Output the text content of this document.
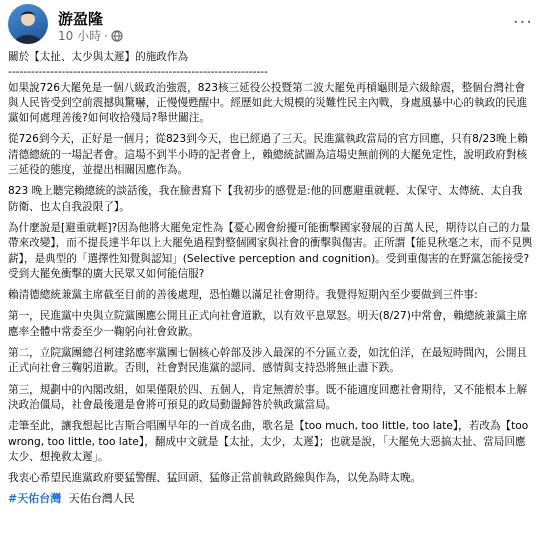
游盈隆
10 小時 ·
···

關於【太扯、太少與太遲】的施政作為

--------------------------------------------------------------------

如果說726大罷免是一個八級政治強震，823核三延役公投暨第二波大罷免再槓龜則是六級餘震，整個台灣社會與人民皆受到空前震撼與驚嚇，正慢慢甦醒中。經歷如此大規模的災難性民主內戰，身處風暴中心的執政的民進黨如何處理善後?如何收拾殘局?舉世關注。

從726到今天，正好是一個月；從823到今天，也已經過了三天。民進黨執政當局的官方回應，只有8/23晚上賴清德總統的一場記者會。這場不到半小時的記者會上，賴總統試圖為這場史無前例的大罷免定性，說明政府對核三延役的態度，並提出相關因應作為。

823 晚上聽完賴總統的談話後，我在臉書寫下【我初步的感覺是:他的回應避重就輕、太保守、太傳統、太自我防衛、也太自我設限了】。

為什麼說是[避重就輕]?因為他將大罷免定性為【憂心國會紛擾可能衝擊國家發展的百萬人民，期待以自己的力量帶來改變】，而不提長達半年以上大罷免過程對整個國家與社會的衝擊與傷害。正所謂【能見秋毫之末，而不見輿薪】，是典型的「選擇性知覺與認知」(Selective perception and cognition)。受到重傷害的在野黨怎能接受?受到大罷免衝擊的廣大民眾又如何能信服?

賴清德總統兼黨主席截至目前的善後處理，恐怕難以滿足社會期待。我覺得短期內至少要做到三件事:

第一，民進黨中央與立院黨團應公開且正式向社會道歉，以有效平息眾怒。明天(8/27)中常會，賴總統兼黨主席應率全體中常委至少一鞠躬向社會致歉。

第二，立院黨團總召柯建銘應率黨團七個核心幹部及涉入最深的不分區立委，如沈伯洋，在最短時間內，公開且正式向社會三鞠躬道歉。否則，社會對民進黨的認同、感情與支持恐將無止盡下跌。

第三，規劃中的內閣改組，如果僅限於四、五個人，肯定無濟於事。既不能適度回應社會期待，又不能根本上解決政治僵局，社會最後還是會將可預見的政局動盪歸咎於執政黨當局。

走筆至此，讓我想起比吉斯合唱團早年的一首成名曲，歌名是【too much, too little, too late】，若改為【too wrong, too little, too late】，翻成中文就是【太扯，太少，太遲】；也就是說，「大罷免大惡搞太扯、當局回應太少、想挽救太遲」。

我衷心希望民進黨政府要猛警醒、猛回頭、猛修正當前執政路線與作為，以免為時太晚。

#天佑台灣 天佑台灣人民
